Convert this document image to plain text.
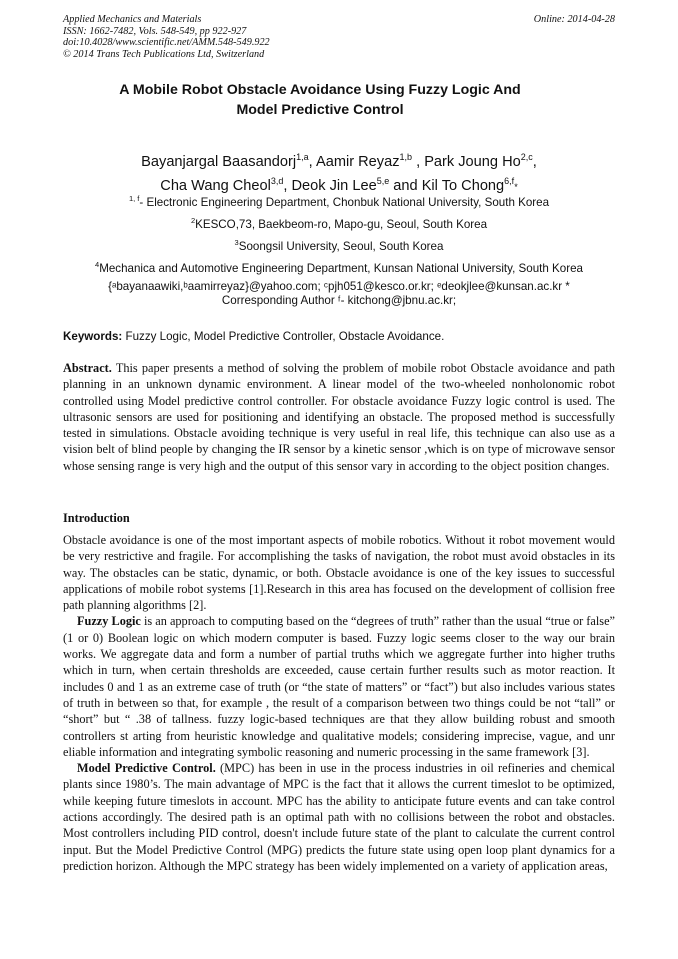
Applied Mechanics and Materials
ISSN: 1662-7482, Vols. 548-549, pp 922-927
doi:10.4028/www.scientific.net/AMM.548-549.922
© 2014 Trans Tech Publications Ltd, Switzerland
Online: 2014-04-28
A Mobile Robot Obstacle Avoidance Using Fuzzy Logic And
Model Predictive Control
Bayanjargal Baasandorj$^{1,a}$, Aamir Reyaz$^{1,b}$ , Park Joung Ho$^{2,c}$,
Cha Wang Cheol$^{3,d}$, Deok Jin Lee$^{5,e}$ and Kil To Chong$^{6,f}$*
$^{1, f}$- Electronic Engineering Department, Chonbuk National University, South Korea
$^2$KESCO,73, Baekbeom-ro, Mapo-gu, Seoul, South Korea
$^3$Soongsil University, Seoul, South Korea
$^4$Mechanica and Automotive Engineering Department, Kunsan National University, South Korea
{ᵃbayanaawiki,ᵇaamirreyaz}@yahoo.com; ᶜpjh051@kesco.or.kr; ᵉdeokjlee@kunsan.ac.kr *
Corresponding Author ᶠ- kitchong@jbnu.ac.kr;
Keywords: Fuzzy Logic, Model Predictive Controller, Obstacle Avoidance.

Abstract. This paper presents a method of solving the problem of mobile robot Obstacle avoidance and path planning in an unknown dynamic environment. A linear model of the two-wheeled nonholonomic robot controlled using Model predictive control controller. For obstacle avoidance Fuzzy logic control is used. The ultrasonic sensors are used for positioning and identifying an obstacle. The proposed method is successfully tested in simulations. Obstacle avoiding technique is very useful in real life, this technique can also use as a vision belt of blind people by changing the IR sensor by a kinetic sensor ,which is on type of microwave sensor whose sensing range is very high and the output of this sensor vary in according to the object position changes.

Introduction

Obstacle avoidance is one of the most important aspects of mobile robotics. Without it robot movement would be very restrictive and fragile. For accomplishing the tasks of navigation, the robot must avoid obstacles in its way. The obstacles can be static, dynamic, or both. Obstacle avoidance is one of the key issues to successful applications of mobile robot systems [1].Research in this area has focused on the development of collision free path planning algorithms [2].

Fuzzy Logic is an approach to computing based on the “degrees of truth” rather than the usual “true or false” (1 or 0) Boolean logic on which modern computer is based. Fuzzy logic seems closer to the way our brain works. We aggregate data and form a number of partial truths which we aggregate further into higher truths which in turn, when certain thresholds are exceeded, cause certain further results such as motor reaction. It includes 0 and 1 as an extreme case of truth (or “the state of matters” or “fact”) but also includes various states of truth in between so that, for example , the result of a comparison between two things could be not “tall” or “short” but “ .38 of tallness. fuzzy logic-based techniques are that they allow building robust and smooth controllers st arting from heuristic knowledge and qualitative models; considering imprecise, vague, and unr eliable information and integrating symbolic reasoning and numeric processing in the same framework [3].

Model Predictive Control. (MPC) has been in use in the process industries in oil refineries and chemical plants since 1980’s. The main advantage of MPC is the fact that it allows the current timeslot to be optimized, while keeping future timeslots in account. MPC has the ability to anticipate future events and can take control actions accordingly. The desired path is an optimal path with no collisions between the robot and obstacles. Most controllers including PID control, doesn't include future state of the plant to calculate the current control input. But the Model Predictive Control (MPG) predicts the future state using open loop plant dynamics for a prediction horizon. Although the MPC strategy has been widely implemented on a variety of application areas,
